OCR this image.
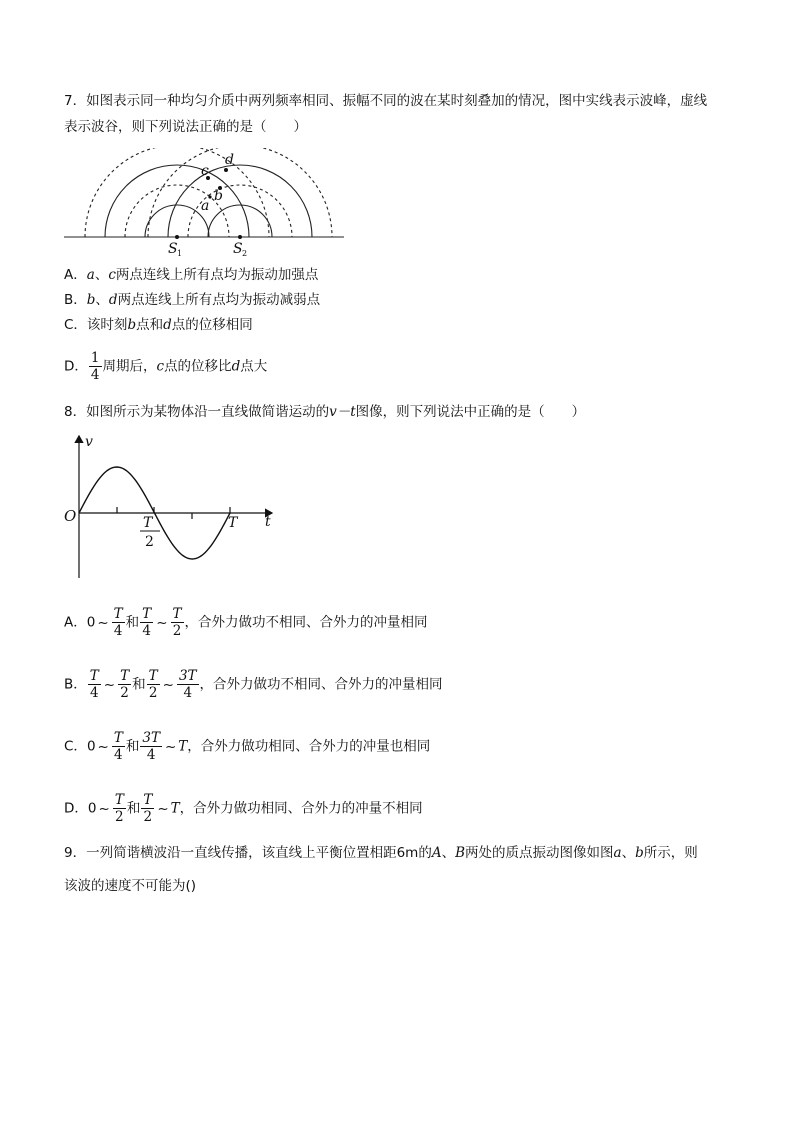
7．如图表示同一种均匀介质中两列频率相同、振幅不同的波在某时刻叠加的情况，图中实线表示波峰，虚线
表示波谷，则下列说法正确的是（　　）
c
d
b
a
S	S
1	2
A．a、c两点连线上所有点均为振动加强点
B．b、d两点连线上所有点均为振动减弱点
C．该时刻b点和d点的位移相同
D． $\frac{1}{4}$ 周期后，c点的位移比d点大
8．如图所示为某物体沿一直线做简谐运动的v－t图像，则下列说法中正确的是（　　）
v
t
O	T	T
2
A．0 ~ $\frac{T}{4}$ 和 $\frac{T}{4}$ ~ $\frac{T}{2}$ ，合外力做功不相同、合外力的冲量相同
B． $\frac{T}{4}$ ~ $\frac{T}{2}$ 和 $\frac{T}{2}$ ~ $\frac{3T}{4}$ ，合外力做功不相同、合外力的冲量相同
C．0 ~ $\frac{T}{4}$ 和 $\frac{3T}{4}$ ~ T，合外力做功相同、合外力的冲量也相同
D．0 ~ $\frac{T}{2}$ 和 $\frac{T}{2}$ ~ T，合外力做功相同、合外力的冲量不相同
9．一列简谐横波沿一直线传播，该直线上平衡位置相距6m的A、B两处的质点振动图像如图a、b所示，则
该波的速度不可能为()
